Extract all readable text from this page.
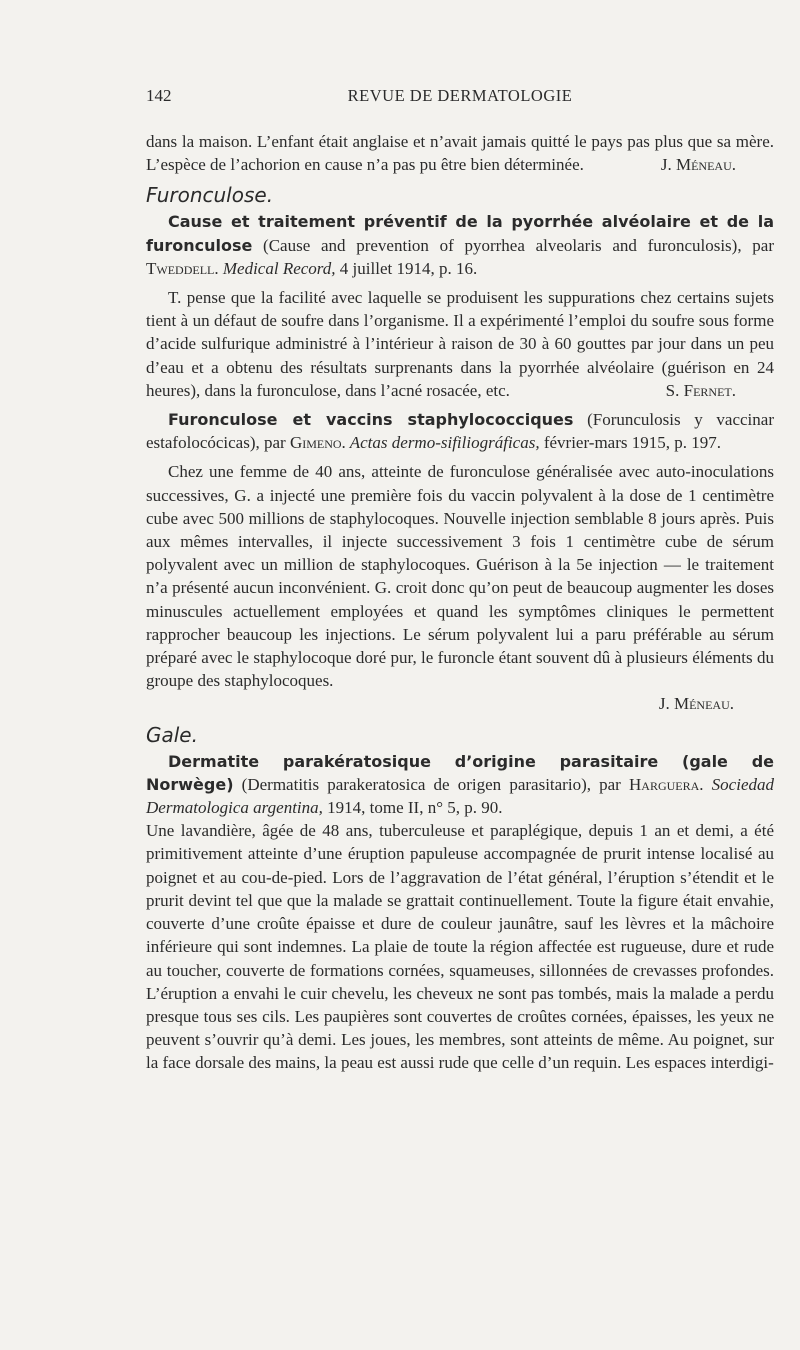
142	REVUE DE DERMATOLOGIE

dans la maison. L’enfant était anglaise et n’avait jamais quitté le pays pas plus que sa mère. L’espèce de l’achorion en cause n’a pas pu être bien déterminée.	J. Méneau.

Furonculose.

Cause et traitement préventif de la pyorrhée alvéolaire et de la furonculose (Cause and prevention of pyorrhea alveolaris and furonculosis), par Tweddell. Medical Record, 4 juillet 1914, p. 16.

T. pense que la facilité avec laquelle se produisent les suppurations chez certains sujets tient à un défaut de soufre dans l’organisme. Il a expérimenté l’emploi du soufre sous forme d’acide sulfurique administré à l’intérieur à raison de 30 à 60 gouttes par jour dans un peu d’eau et a obtenu des résultats surprenants dans la pyorrhée alvéolaire (guérison en 24 heures), dans la furonculose, dans l’acné rosacée, etc.	S. Fernet.

Furonculose et vaccins staphylococciques (Forunculosis y vaccinar estafolocócicas), par Gimeno. Actas dermo-sifiliográficas, février-mars 1915, p. 197.

Chez une femme de 40 ans, atteinte de furonculose généralisée avec auto-inoculations successives, G. a injecté une première fois du vaccin polyvalent à la dose de 1 centimètre cube avec 500 millions de staphylocoques. Nouvelle injection semblable 8 jours après. Puis aux mêmes intervalles, il injecte successivement 3 fois 1 centimètre cube de sérum polyvalent avec un million de staphylocoques. Guérison à la 5e injection — le traitement n’a présenté aucun inconvénient. G. croit donc qu’on peut de beaucoup augmenter les doses minuscules actuellement employées et quand les symptômes cliniques le permettent rapprocher beaucoup les injections. Le sérum polyvalent lui a paru préférable au sérum préparé avec le staphylocoque doré pur, le furoncle étant souvent dû à plusieurs éléments du groupe des staphylocoques.

J. Méneau.
Gale.

Dermatite parakératosique d’origine parasitaire (gale de Norwège) (Dermatitis parakeratosica de origen parasitario), par Harguera. Sociedad Dermatologica argentina, 1914, tome II, n° 5, p. 90.

Une lavandière, âgée de 48 ans, tuberculeuse et paraplégique, depuis 1 an et demi, a été primitivement atteinte d’une éruption papuleuse accompagnée de prurit intense localisé au poignet et au cou-de-pied. Lors de l’aggravation de l’état général, l’éruption s’étendit et le prurit devint tel que que la malade se grattait continuellement. Toute la figure était envahie, couverte d’une croûte épaisse et dure de couleur jaunâtre, sauf les lèvres et la mâchoire inférieure qui sont indemnes. La plaie de toute la région affectée est rugueuse, dure et rude au toucher, couverte de formations cornées, squameuses, sillonnées de crevasses profondes. L’éruption a envahi le cuir chevelu, les cheveux ne sont pas tombés, mais la malade a perdu presque tous ses cils. Les paupières sont couvertes de croûtes cornées, épaisses, les yeux ne peuvent s’ouvrir qu’à demi. Les joues, les membres, sont atteints de même. Au poignet, sur la face dorsale des mains, la peau est aussi rude que celle d’un requin. Les espaces interdigi-
